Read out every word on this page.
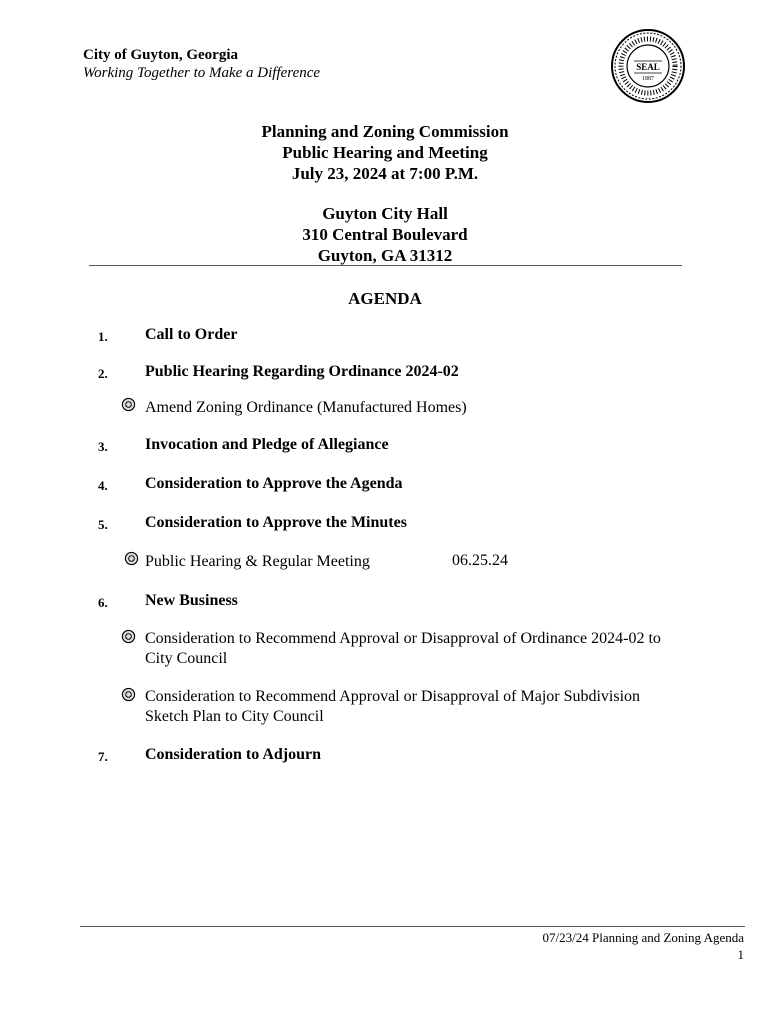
City of Guyton, Georgia
Working Together to Make a Difference	SEAL
1887
Planning and Zoning Commission
Public Hearing and Meeting
July 23, 2024 at 7:00 P.M.
Guyton City Hall
310 Central Boulevard
Guyton, GA 31312
AGENDA
1. Call to Order
2. Public Hearing Regarding Ordinance 2024-02
Amend Zoning Ordinance (Manufactured Homes)
3. Invocation and Pledge of Allegiance
4. Consideration to Approve the Agenda
5. Consideration to Approve the Minutes
Public Hearing & Regular Meeting	06.25.24
6. New Business
Consideration to Recommend Approval or Disapproval of Ordinance 2024-02 to City Council
Consideration to Recommend Approval or Disapproval of Major Subdivision Sketch Plan to City Council
7. Consideration to Adjourn
07/23/24 Planning and Zoning Agenda
1
